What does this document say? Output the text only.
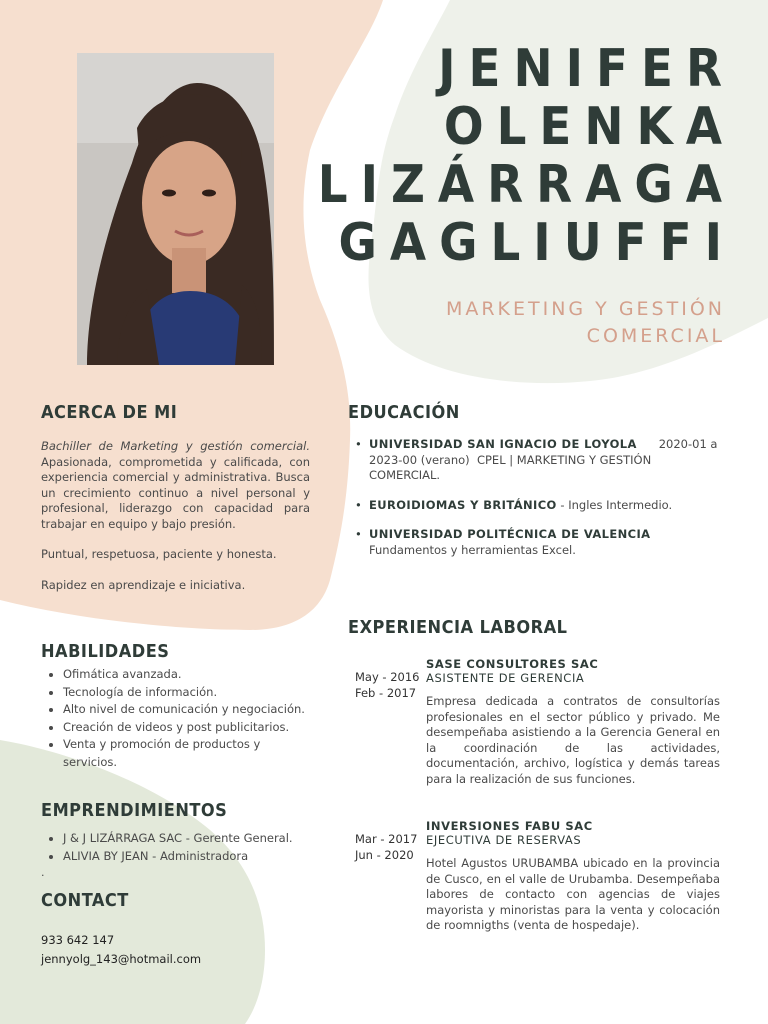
JENIFER
OLENKA
LIZÁRRAGA
GAGLIUFFI
MARKETING Y GESTIÓN
COMERCIAL
ACERCA DE MI

Bachiller de Marketing y gestión comercial. Apasionada, comprometida y calificada, con experiencia comercial y administrativa. Busca un crecimiento continuo a nivel personal y profesional, liderazgo con capacidad para trabajar en equipo y bajo presión.

Puntual, respetuosa, paciente y honesta.

Rapidez en aprendizaje e iniciativa.

HABILIDADES
• Ofimática avanzada.
• Tecnología de información.
• Alto nivel de comunicación y negociación.
• Creación de videos y post publicitarios.
• Venta y promoción de productos y servicios.
EMPRENDIMIENTOS
• J & J LIZÁRRAGA SAC - Gerente General.
• ALIVIA BY JEAN - Administradora
.
CONTACT
933 642 147
jennyolg_143@hotmail.com
EDUCACIÓN
• UNIVERSIDAD SAN IGNACIO DE LOYOLA      2020-01 a 2023-00 (verano)  CPEL | MARKETING Y GESTIÓN COMERCIAL.
• EUROIDIOMAS Y BRITÁNICO - Ingles Intermedio.
• UNIVERSIDAD POLITÉCNICA DE VALENCIA
Fundamentos y herramientas Excel.
EXPERIENCIA LABORAL
May - 2016
Feb - 2017
SASE CONSULTORES SAC
ASISTENTE DE GERENCIA
Empresa dedicada a contratos de consultorías profesionales en el sector público y privado. Me desempeñaba asistiendo a la Gerencia General en la coordinación de las actividades, documentación, archivo, logística y demás tareas para la realización de sus funciones.
Mar - 2017
Jun - 2020
INVERSIONES FABU SAC
EJECUTIVA DE RESERVAS
Hotel Agustos URUBAMBA ubicado en la provincia de Cusco, en el valle de Urubamba. Desempeñaba labores de contacto con agencias de viajes mayorista y minoristas para la venta y colocación de roomnigths (venta de hospedaje).
